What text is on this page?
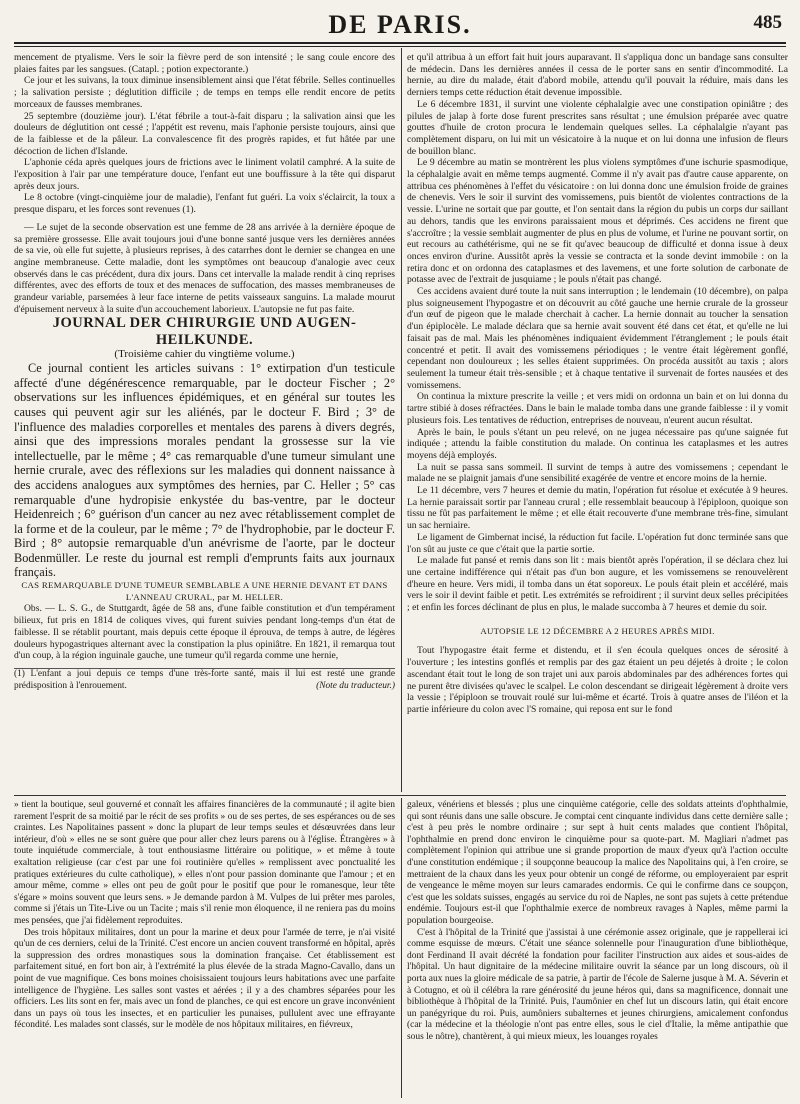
DE PARIS.	485

mencement de ptyalisme. Vers le soir la fièvre perd de son intensité ; le sang coule encore des plaies faites par les sangsues. (Catapl. ; potion expectorante.)

Ce jour et les suivans, la toux diminue insensiblement ainsi que l'état fébrile. Selles continuelles ; la salivation persiste ; déglutition difficile ; de temps en temps elle rendit encore de petits morceaux de fausses membranes.

25 septembre (douzième jour). L'état fébrile a tout-à-fait disparu ; la salivation ainsi que les douleurs de déglutition ont cessé ; l'appétit est revenu, mais l'aphonie persiste toujours, ainsi que de la faiblesse et de la pâleur. La convalescence fit des progrès rapides, et fut hâtée par une décoction de lichen d'Islande.

L'aphonie céda après quelques jours de frictions avec le liniment volatil camphré. A la suite de l'exposition à l'air par une température douce, l'enfant eut une bouffissure à la tête qui disparut après deux jours.

Le 8 octobre (vingt-cinquième jour de maladie), l'enfant fut guéri. La voix s'éclaircit, la toux a presque disparu, et les forces sont revenues (1).

— Le sujet de la seconde observation est une femme de 28 ans arrivée à la dernière époque de sa première grossesse. Elle avait toujours joui d'une bonne santé jusque vers les dernières années de sa vie, où elle fut sujette, à plusieurs reprises, à des catarrhes dont le dernier se changea en une angine membraneuse. Cette maladie, dont les symptômes ont beaucoup d'analogie avec ceux observés dans le cas précédent, dura dix jours. Dans cet intervalle la malade rendit à cinq reprises différentes, avec des efforts de toux et des menaces de suffocation, des masses membraneuses de grandeur variable, parsemées à leur face interne de petits vaisseaux sanguins. La malade mourut d'épuisement nerveux à la suite d'un accouchement laborieux. L'autopsie ne fut pas faite.

JOURNAL DER CHIRURGIE UND AUGEN-HEILKUNDE.

(Troisième cahier du vingtième volume.)

Ce journal contient les articles suivans : 1° extirpation d'un testicule affecté d'une dégénérescence remarquable, par le docteur Fischer ; 2° observations sur les influences épidémiques, et en général sur toutes les causes qui peuvent agir sur les aliénés, par le docteur F. Bird ; 3° de l'influence des maladies corporelles et mentales des parens à divers degrés, ainsi que des impressions morales pendant la grossesse sur la vie intellectuelle, par le même ; 4° cas remarquable d'une tumeur simulant une hernie crurale, avec des réflexions sur les maladies qui donnent naissance à des accidens analogues aux symptômes des hernies, par C. Heller ; 5° cas remarquable d'une hydropisie enkystée du bas-ventre, par le docteur Heidenreich ; 6° guérison d'un cancer au nez avec rétablissement complet de la forme et de la couleur, par le même ; 7° de l'hydrophobie, par le docteur F. Bird ; 8° autopsie remarquable d'un anévrisme de l'aorte, par le docteur Bodenmüller. Le reste du journal est rempli d'emprunts faits aux journaux français.

CAS REMARQUABLE D'UNE TUMEUR SEMBLABLE A UNE HERNIE DEVANT ET DANS L'ANNEAU CRURAL, par M. HELLER.

Obs. — L. S. G., de Stuttgardt, âgée de 58 ans, d'une faible constitution et d'un tempérament bilieux, fut pris en 1814 de coliques vives, qui furent suivies pendant long-temps d'un état de faiblesse. Il se rétablit pourtant, mais depuis cette époque il éprouva, de temps à autre, de légères douleurs hypogastriques alternant avec la constipation la plus opiniâtre. En 1821, il remarqua tout d'un coup, à la région inguinale gauche, une tumeur qu'il regarda comme une hernie,

(1) L'enfant a joui depuis ce temps d'une très-forte santé, mais il lui est resté une grande prédisposition à l'enrouement.	(Note du traducteur.)

et qu'il attribua à un effort fait huit jours auparavant. Il s'appliqua donc un bandage sans consulter de médecin. Dans les dernières années il cessa de le porter sans en sentir d'incommodité. La hernie, au dire du malade, était d'abord mobile, attendu qu'il pouvait la réduire, mais dans les derniers temps cette réduction était devenue impossible.

Le 6 décembre 1831, il survint une violente céphalalgie avec une constipation opiniâtre ; des pilules de jalap à forte dose furent prescrites sans résultat ; une émulsion préparée avec quatre gouttes d'huile de croton procura le lendemain quelques selles. La céphalalgie n'ayant pas complètement disparu, on lui mit un vésicatoire à la nuque et on lui donna une infusion de fleurs de bouillon blanc.

Le 9 décembre au matin se montrèrent les plus violens symptômes d'une ischurie spasmodique, la céphalalgie avait en même temps augmenté. Comme il n'y avait pas d'autre cause apparente, on attribua ces phénomènes à l'effet du vésicatoire : on lui donna donc une émulsion froide de graines de chenevis. Vers le soir il survint des vomissemens, puis bientôt de violentes contractions de la vessie. L'urine ne sortait que par goutte, et l'on sentait dans la région du pubis un corps dur saillant au dehors, tandis que les environs paraissaient mous et déprimés. Ces accidens ne firent que s'accroître ; la vessie semblait augmenter de plus en plus de volume, et l'urine ne pouvant sortir, on eut recours au cathétérisme, qui ne se fit qu'avec beaucoup de difficulté et donna issue à deux onces environ d'urine. Aussitôt après la vessie se contracta et la sonde devint immobile : on la retira donc et on ordonna des cataplasmes et des lavemens, et une forte solution de carbonate de potasse avec de l'extrait de jusquiame ; le pouls n'était pas changé.

Ces accidens avaient duré toute la nuit sans interruption ; le lendemain (10 décembre), on palpa plus soigneusement l'hypogastre et on découvrit au côté gauche une hernie crurale de la grosseur d'un œuf de pigeon que le malade cherchait à cacher. La hernie donnait au toucher la sensation d'un épiplocèle. Le malade déclara que sa hernie avait souvent été dans cet état, et qu'elle ne lui faisait pas de mal. Mais les phénomènes indiquaient évidemment l'étranglement ; le pouls était concentré et petit. Il avait des vomissemens périodiques ; le ventre était légèrement gonflé, cependant non douloureux ; les selles étaient supprimées. On procéda aussitôt au taxis ; alors seulement la tumeur était très-sensible ; et à chaque tentative il survenait de fortes nausées et des vomissemens.

On continua la mixture prescrite la veille ; et vers midi on ordonna un bain et on lui donna du tartre stibié à doses réfractées. Dans le bain le malade tomba dans une grande faiblesse : il y vomit plusieurs fois. Les tentatives de réduction, entreprises de nouveau, n'eurent aucun résultat.

Après le bain, le pouls s'étant un peu relevé, on ne jugea nécessaire pas qu'une saignée fut indiquée ; attendu la faible constitution du malade. On continua les cataplasmes et les autres moyens déjà employés.

La nuit se passa sans sommeil. Il survint de temps à autre des vomissemens ; cependant le malade ne se plaignit jamais d'une sensibilité exagérée de ventre et encore moins de la hernie.

Le 11 décembre, vers 7 heures et demie du matin, l'opération fut résolue et exécutée à 9 heures. La hernie paraissait sortir par l'anneau crural ; elle ressemblait beaucoup à l'épiploon, quoique son tissu ne fût pas parfaitement le même ; et elle était recouverte d'une membrane très-fine, simulant un sac herniaire.

Le ligament de Gimbernat incisé, la réduction fut facile. L'opération fut donc terminée sans que l'on sût au juste ce que c'était que la partie sortie.

Le malade fut pansé et remis dans son lit : mais bientôt après l'opération, il se déclara chez lui une certaine indifférence qui n'était pas d'un bon augure, et les vomissemens se renouvelèrent d'heure en heure. Vers midi, il tomba dans un état soporeux. Le pouls était plein et accéléré, mais vers le soir il devint faible et petit. Les extrémités se refroidirent ; il survint deux selles précipitées ; et enfin les forces déclinant de plus en plus, le malade succomba à 7 heures et demie du soir.

AUTOPSIE LE 12 DÉCEMBRE A 2 HEURES APRÈS MIDI.

Tout l'hypogastre était ferme et distendu, et il s'en écoula quelques onces de sérosité à l'ouverture ; les intestins gonflés et remplis par des gaz étaient un peu déjetés à droite ; le colon ascendant était tout le long de son trajet uni aux parois abdominales par des adhérences fortes qui ne purent être divisées qu'avec le scalpel. Le colon descendant se dirigeait légèrement à droite vers la vessie ; l'épiploon se trouvait roulé sur lui-même et écarté. Trois à quatre anses de l'iléon et la partie inférieure du colon avec l'S romaine, qui reposa ent sur le fond

» tient la boutique, seul gouverné et connaît les affaires financières de la communauté ; il agite bien rarement l'esprit de sa moitié par le récit de ses profits » ou de ses pertes, de ses espérances ou de ses craintes. Les Napolitaines passent » donc la plupart de leur temps seules et désœuvrées dans leur intérieur, d'où » elles ne se sont guère que pour aller chez leurs parens ou à l'église. Étrangères » à toute inquiétude commerciale, à tout enthousiasme littéraire ou politique, » et même à toute exaltation religieuse (car c'est par une foi routinière qu'elles » remplissent avec ponctualité les pratiques extérieures du culte catholique), » elles n'ont pour passion dominante que l'amour ; et en amour même, comme » elles ont peu de goût pour le positif que pour le romanesque, leur tête s'égare » moins souvent que leurs sens. » Je demande pardon à M. Vulpes de lui prêter mes paroles, comme si j'étais un Tite-Live ou un Tacite ; mais s'il renie mon éloquence, il ne reniera pas du moins mes pensées, que j'ai fidèlement reproduites.

Des trois hôpitaux militaires, dont un pour la marine et deux pour l'armée de terre, je n'ai visité qu'un de ces derniers, celui de la Trinité. C'est encore un ancien couvent transformé en hôpital, après la suppression des ordres monastiques sous la domination française. Cet établissement est parfaitement situé, en fort bon air, à l'extrémité la plus élevée de la strada Magno-Cavallo, dans un point de vue magnifique. Ces bons moines choisissaient toujours leurs habitations avec une parfaite intelligence de l'hygiène. Les salles sont vastes et aérées ; il y a des chambres séparées pour les officiers. Les lits sont en fer, mais avec un fond de planches, ce qui est encore un grave inconvénient dans un pays où tous les insectes, et en particulier les punaises, pullulent avec une effrayante fécondité. Les malades sont classés, sur le modèle de nos hôpitaux militaires, en fiévreux,

galeux, vénériens et blessés ; plus une cinquième catégorie, celle des soldats atteints d'ophthalmie, qui sont réunis dans une salle obscure. Je comptai cent cinquante individus dans cette dernière salle ; c'est à peu près le nombre ordinaire ; sur sept à huit cents malades que contient l'hôpital, l'ophthalmie en prend donc environ le cinquième pour sa quote-part. M. Magliari n'admet pas complètement l'opinion qui attribue une si grande proportion de maux d'yeux qu'à l'action occulte d'une constitution endémique ; il soupçonne beaucoup la malice des Napolitains qui, à l'en croire, se mettraient de la chaux dans les yeux pour obtenir un congé de réforme, ou employeraient par esprit de vengeance le même moyen sur leurs camarades endormis. Ce qui le confirme dans ce soupçon, c'est que les soldats suisses, engagés au service du roi de Naples, ne sont pas sujets à cette prétendue endémie. Toujours est-il que l'ophthalmie exerce de nombreux ravages à Naples, même parmi la population bourgeoise.

C'est à l'hôpital de la Trinité que j'assistai à une cérémonie assez originale, que je rappellerai ici comme esquisse de mœurs. C'était une séance solennelle pour l'inauguration d'une bibliothèque, dont Ferdinand II avait décrété la fondation pour faciliter l'instruction aux aides et sous-aides de l'hôpital. Un haut dignitaire de la médecine militaire ouvrit la séance par un long discours, où il porta aux nues la gloire médicale de sa patrie, à partir de l'école de Salerne jusque à M. A. Séverin et à Cotugno, et où il célébra la rare générosité du jeune héros qui, dans sa magnificence, donnait une bibliothèque à l'hôpital de la Trinité. Puis, l'aumônier en chef lut un discours latin, qui était encore un panégyrique du roi. Puis, aumôniers subalternes et jeunes chirurgiens, amicalement confondus (car la médecine et la théologie n'ont pas entre elles, sous le ciel d'Italie, la même antipathie que sous le nôtre), chantèrent, à qui mieux mieux, les louanges royales
